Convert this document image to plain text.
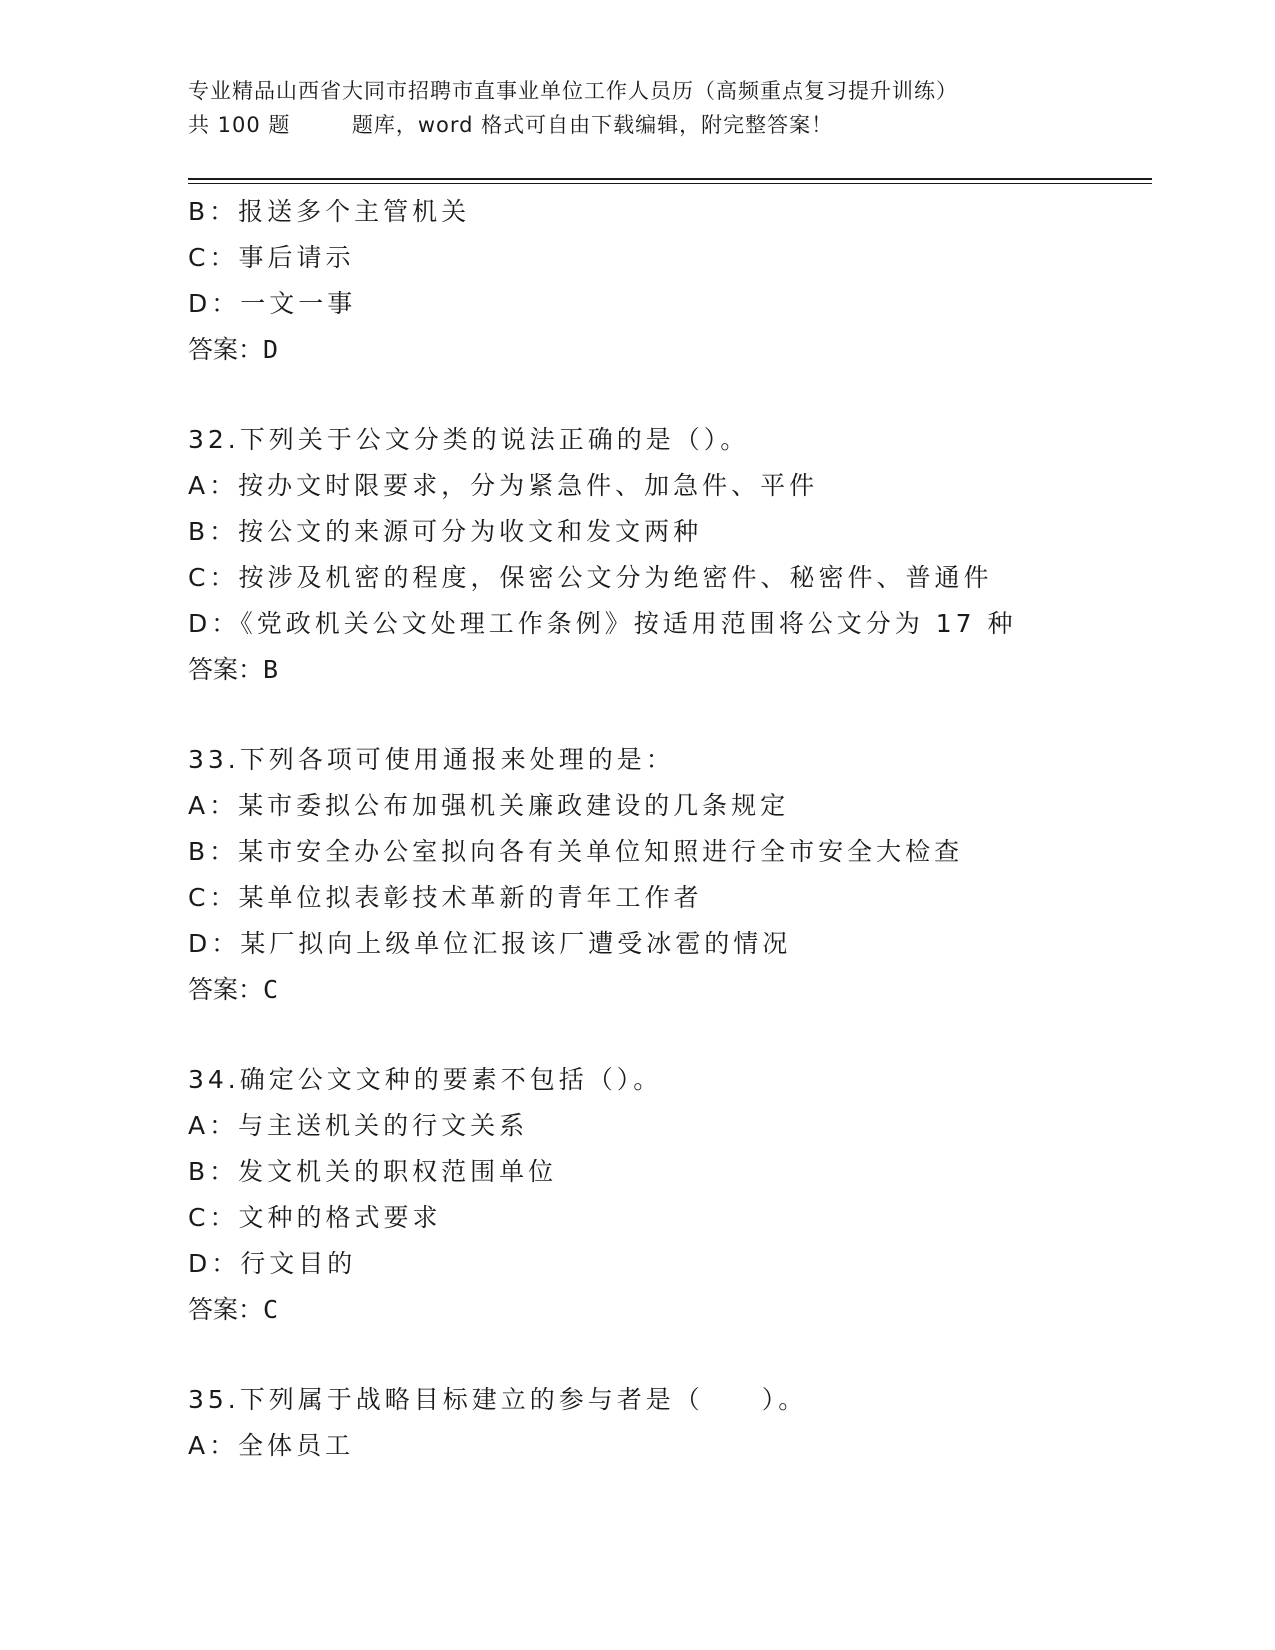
专业精品山西省大同市招聘市直事业单位工作人员历（高频重点复习提升训练）
共 100 题        题库，word 格式可自由下载编辑，附完整答案！
B：报送多个主管机关
C：事后请示
D：一文一事
答案：D
32.下列关于公文分类的说法正确的是（）。
A：按办文时限要求，分为紧急件、加急件、平件
B：按公文的来源可分为收文和发文两种
C：按涉及机密的程度，保密公文分为绝密件、秘密件、普通件
D：《党政机关公文处理工作条例》按适用范围将公文分为 17 种
答案：B
33.下列各项可使用通报来处理的是：
A：某市委拟公布加强机关廉政建设的几条规定
B：某市安全办公室拟向各有关单位知照进行全市安全大检查
C：某单位拟表彰技术革新的青年工作者
D：某厂拟向上级单位汇报该厂遭受冰雹的情况
答案：C
34.确定公文文种的要素不包括（）。
A：与主送机关的行文关系
B：发文机关的职权范围单位
C：文种的格式要求
D：行文目的
答案：C
35.下列属于战略目标建立的参与者是（　　）。
A：全体员工
